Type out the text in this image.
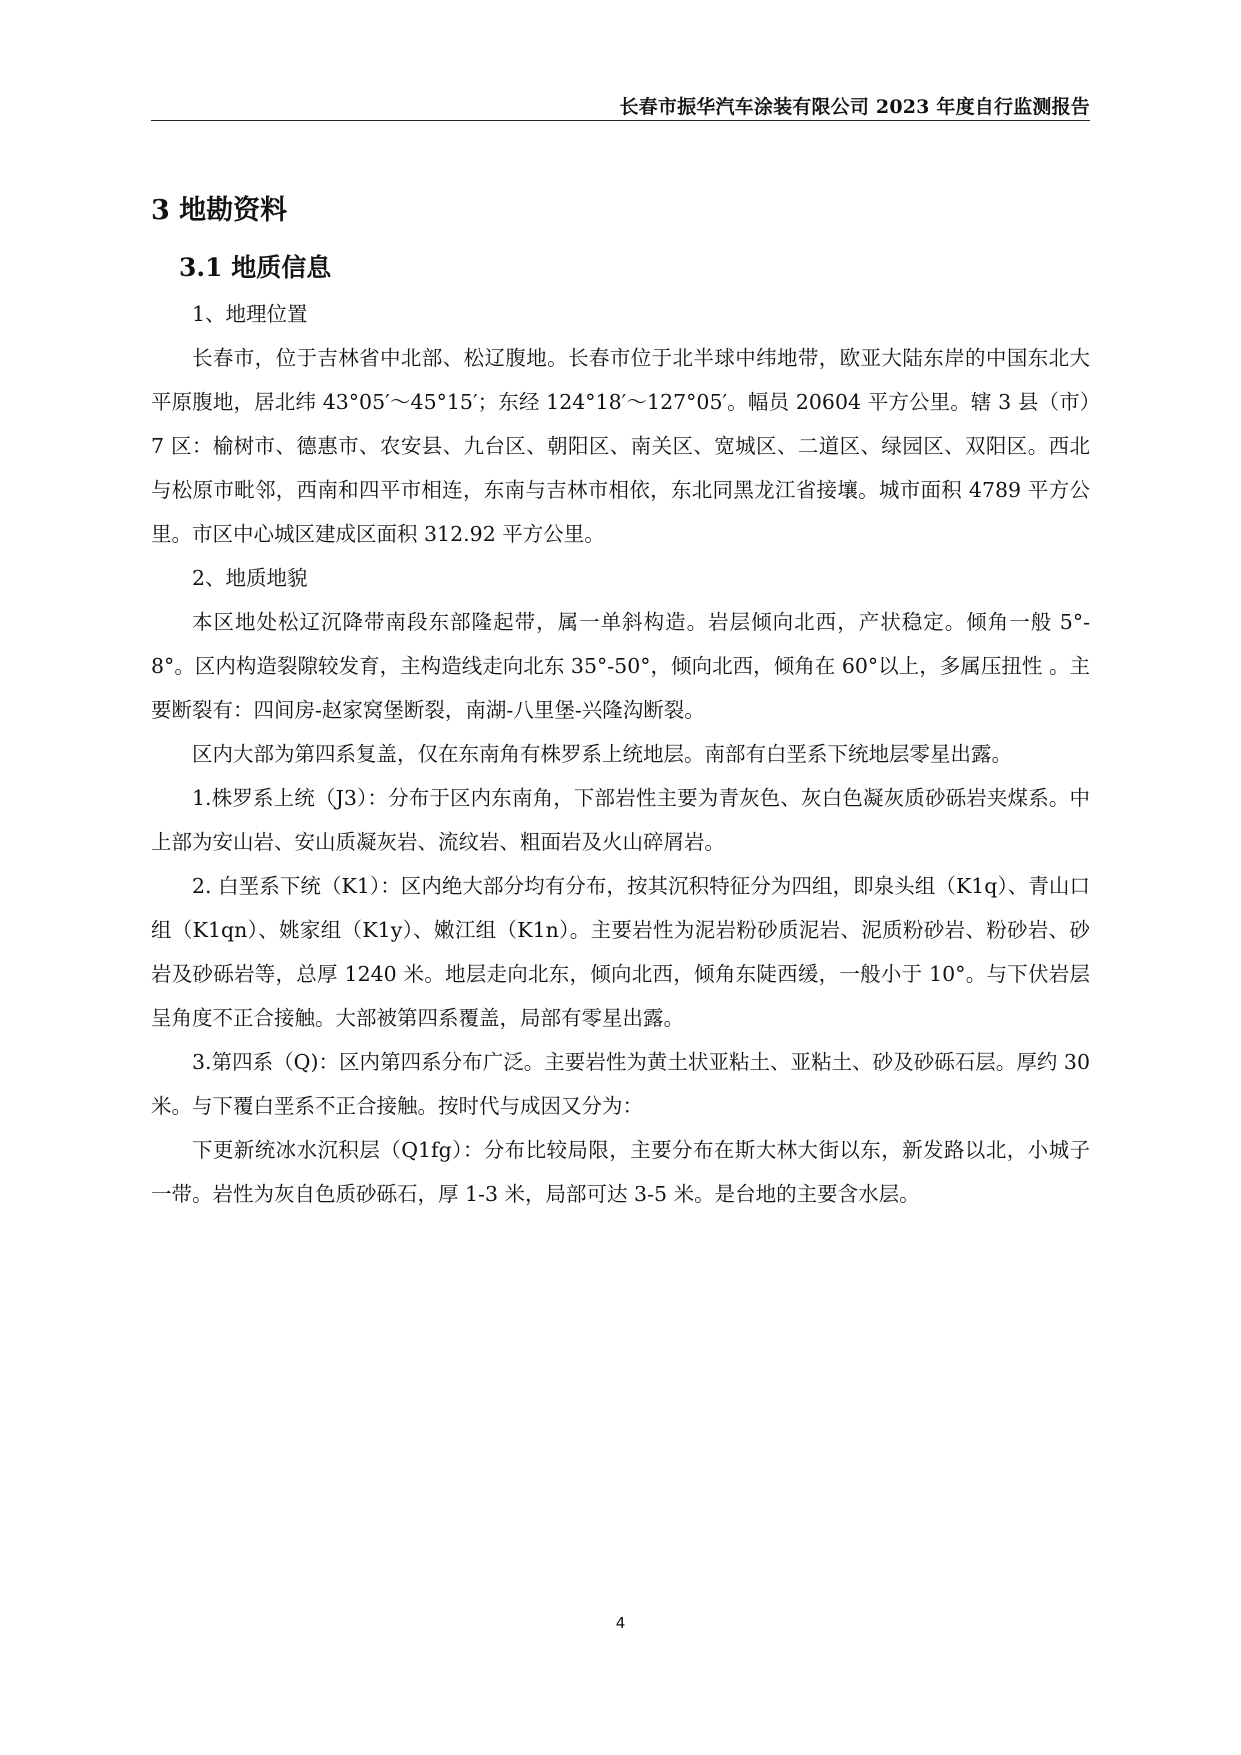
长春市振华汽车涂装有限公司 2023 年度自行监测报告
3 地勘资料
3.1 地质信息

1、地理位置

长春市，位于吉林省中北部、松辽腹地。长春市位于北半球中纬地带，欧亚大陆东岸的中国东北大平原腹地，居北纬 43°05′～45°15′；东经 124°18′～127°05′。幅员 20604 平方公里。辖 3 县（市）7 区：榆树市、德惠市、农安县、九台区、朝阳区、南关区、宽城区、二道区、绿园区、双阳区。西北与松原市毗邻，西南和四平市相连，东南与吉林市相依，东北同黑龙江省接壤。城市面积 4789 平方公里。市区中心城区建成区面积 312.92 平方公里。

2、地质地貌

本区地处松辽沉降带南段东部隆起带，属一单斜构造。岩层倾向北西，产状稳定。倾角一般 5°-8°。区内构造裂隙较发育，主构造线走向北东 35°-50°，倾向北西，倾角在 60°以上，多属压扭性 。主要断裂有：四间房-赵家窝堡断裂，南湖-八里堡-兴隆沟断裂。

区内大部为第四系复盖，仅在东南角有株罗系上统地层。南部有白垩系下统地层零星出露。

1.株罗系上统（J3）：分布于区内东南角，下部岩性主要为青灰色、灰白色凝灰质砂砾岩夹煤系。中上部为安山岩、安山质凝灰岩、流纹岩、粗面岩及火山碎屑岩。

2. 白垩系下统（K1）：区内绝大部分均有分布，按其沉积特征分为四组，即泉头组（K1q）、青山口组（K1qn）、姚家组（K1y）、嫩江组（K1n）。主要岩性为泥岩粉砂质泥岩、泥质粉砂岩、粉砂岩、砂岩及砂砾岩等，总厚 1240 米。地层走向北东，倾向北西，倾角东陡西缓，一般小于 10°。与下伏岩层呈角度不正合接触。大部被第四系覆盖，局部有零星出露。

3.第四系（Q)：区内第四系分布广泛。主要岩性为黄土状亚粘土、亚粘土、砂及砂砾石层。厚约 30 米。与下覆白垩系不正合接触。按时代与成因又分为：

下更新统冰水沉积层（Q1fg）：分布比较局限，主要分布在斯大林大街以东，新发路以北，小城子一带。岩性为灰自色质砂砾石，厚 1-3 米，局部可达 3-5 米。是台地的主要含水层。

4
